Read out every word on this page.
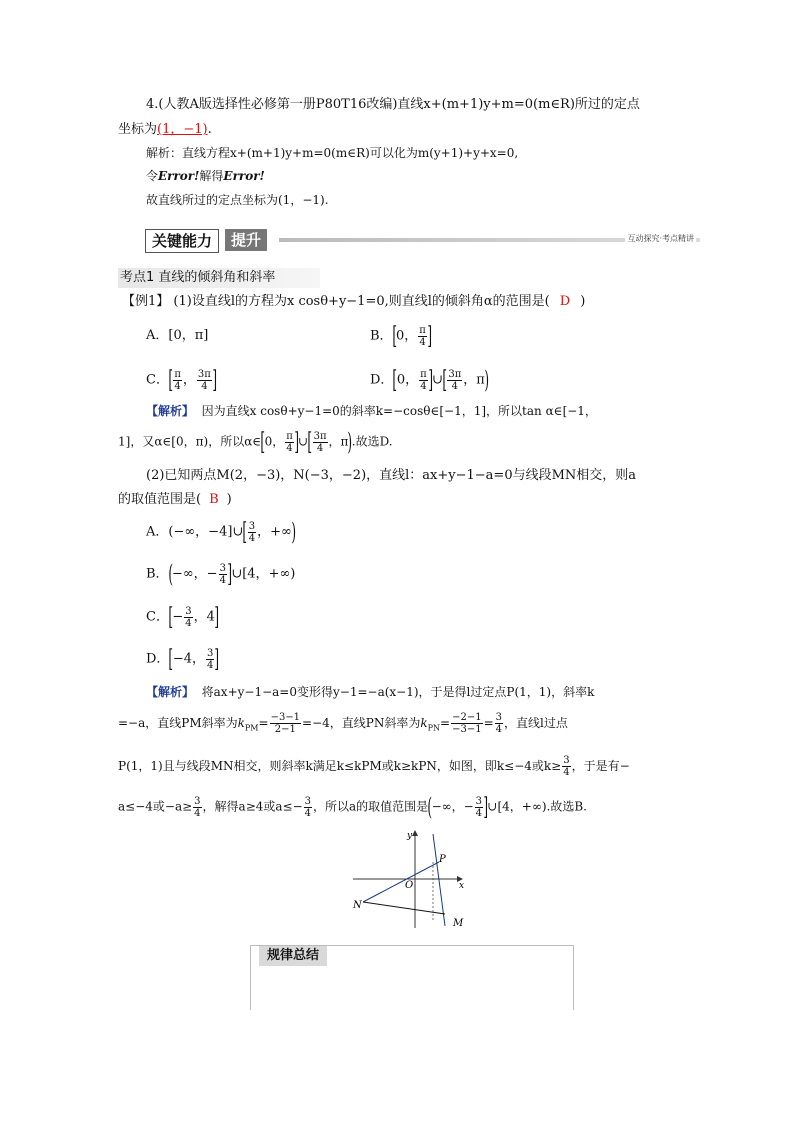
4.(人教A版选择性必修第一册P80T16改编)直线x+(m+1)y+m=0(m∈R)所过的定点
坐标为(1，−1).
解析：直线方程x+(m+1)y+m=0(m∈R)可以化为m(y+1)+y+x=0,
令Error!解得Error!
故直线所过的定点坐标为(1，−1).
关键能力	提升	互动探究·考点精讲
考点1 直线的倾斜角和斜率
【例1】 (1)设直线l的方程为x cosθ+y−1=0,则直线l的倾斜角α的范围是( D )
A．[0，π]	B．[0， $\frac{\pi}{4}$ ]
C．[ $\frac{\pi}{4}$ ， $\frac{3\pi}{4}$ ]	D．[0， $\frac{\pi}{4}$ ]∪[ $\frac{3\pi}{4}$ ，π)
【解析】 因为直线x cosθ+y−1=0的斜率k=−cosθ∈[−1，1]，所以tan α∈[−1，
1]，又α∈[0，π)，所以α∈[0， $\frac{\pi}{4}$ ]∪[ $\frac{3\pi}{4}$ ，π).故选D.
(2)已知两点M(2，−3)，N(−3，−2)，直线l：ax+y−1−a=0与线段MN相交，则a
的取值范围是( B )
A．(−∞，−4]∪[ $\frac{3}{4}$ ，+∞)
B．(−∞，− $\frac{3}{4}$ ]∪[4，+∞)
C．[− $\frac{3}{4}$ ，4]
D．[−4， $\frac{3}{4}$ ]
【解析】 将ax+y−1−a=0变形得y−1=−a(x−1)，于是得l过定点P(1，1)，斜率k
=−a，直线PM斜率为$k_{PM}= \frac{-3-1}{2-1} =-4$，直线PN斜率为$k_{PN}= \frac{-2-1}{-3-1} = \frac{3}{4}$ ，直线l过点
P(1，1)且与线段MN相交，则斜率k满足k≤kPM或k≥kPN，如图，即k≤−4或$k\ge \frac{3}{4}$ ，于是有−
a≤−4或$-a\ge \frac{3}{4}$ ，解得a≥4或$a\le- \frac{3}{4}$ ，所以a的取值范围是(−∞，− $\frac{3}{4}$ ]∪[4，+∞).故选B.
y
x
O
P
N
M
规律总结
